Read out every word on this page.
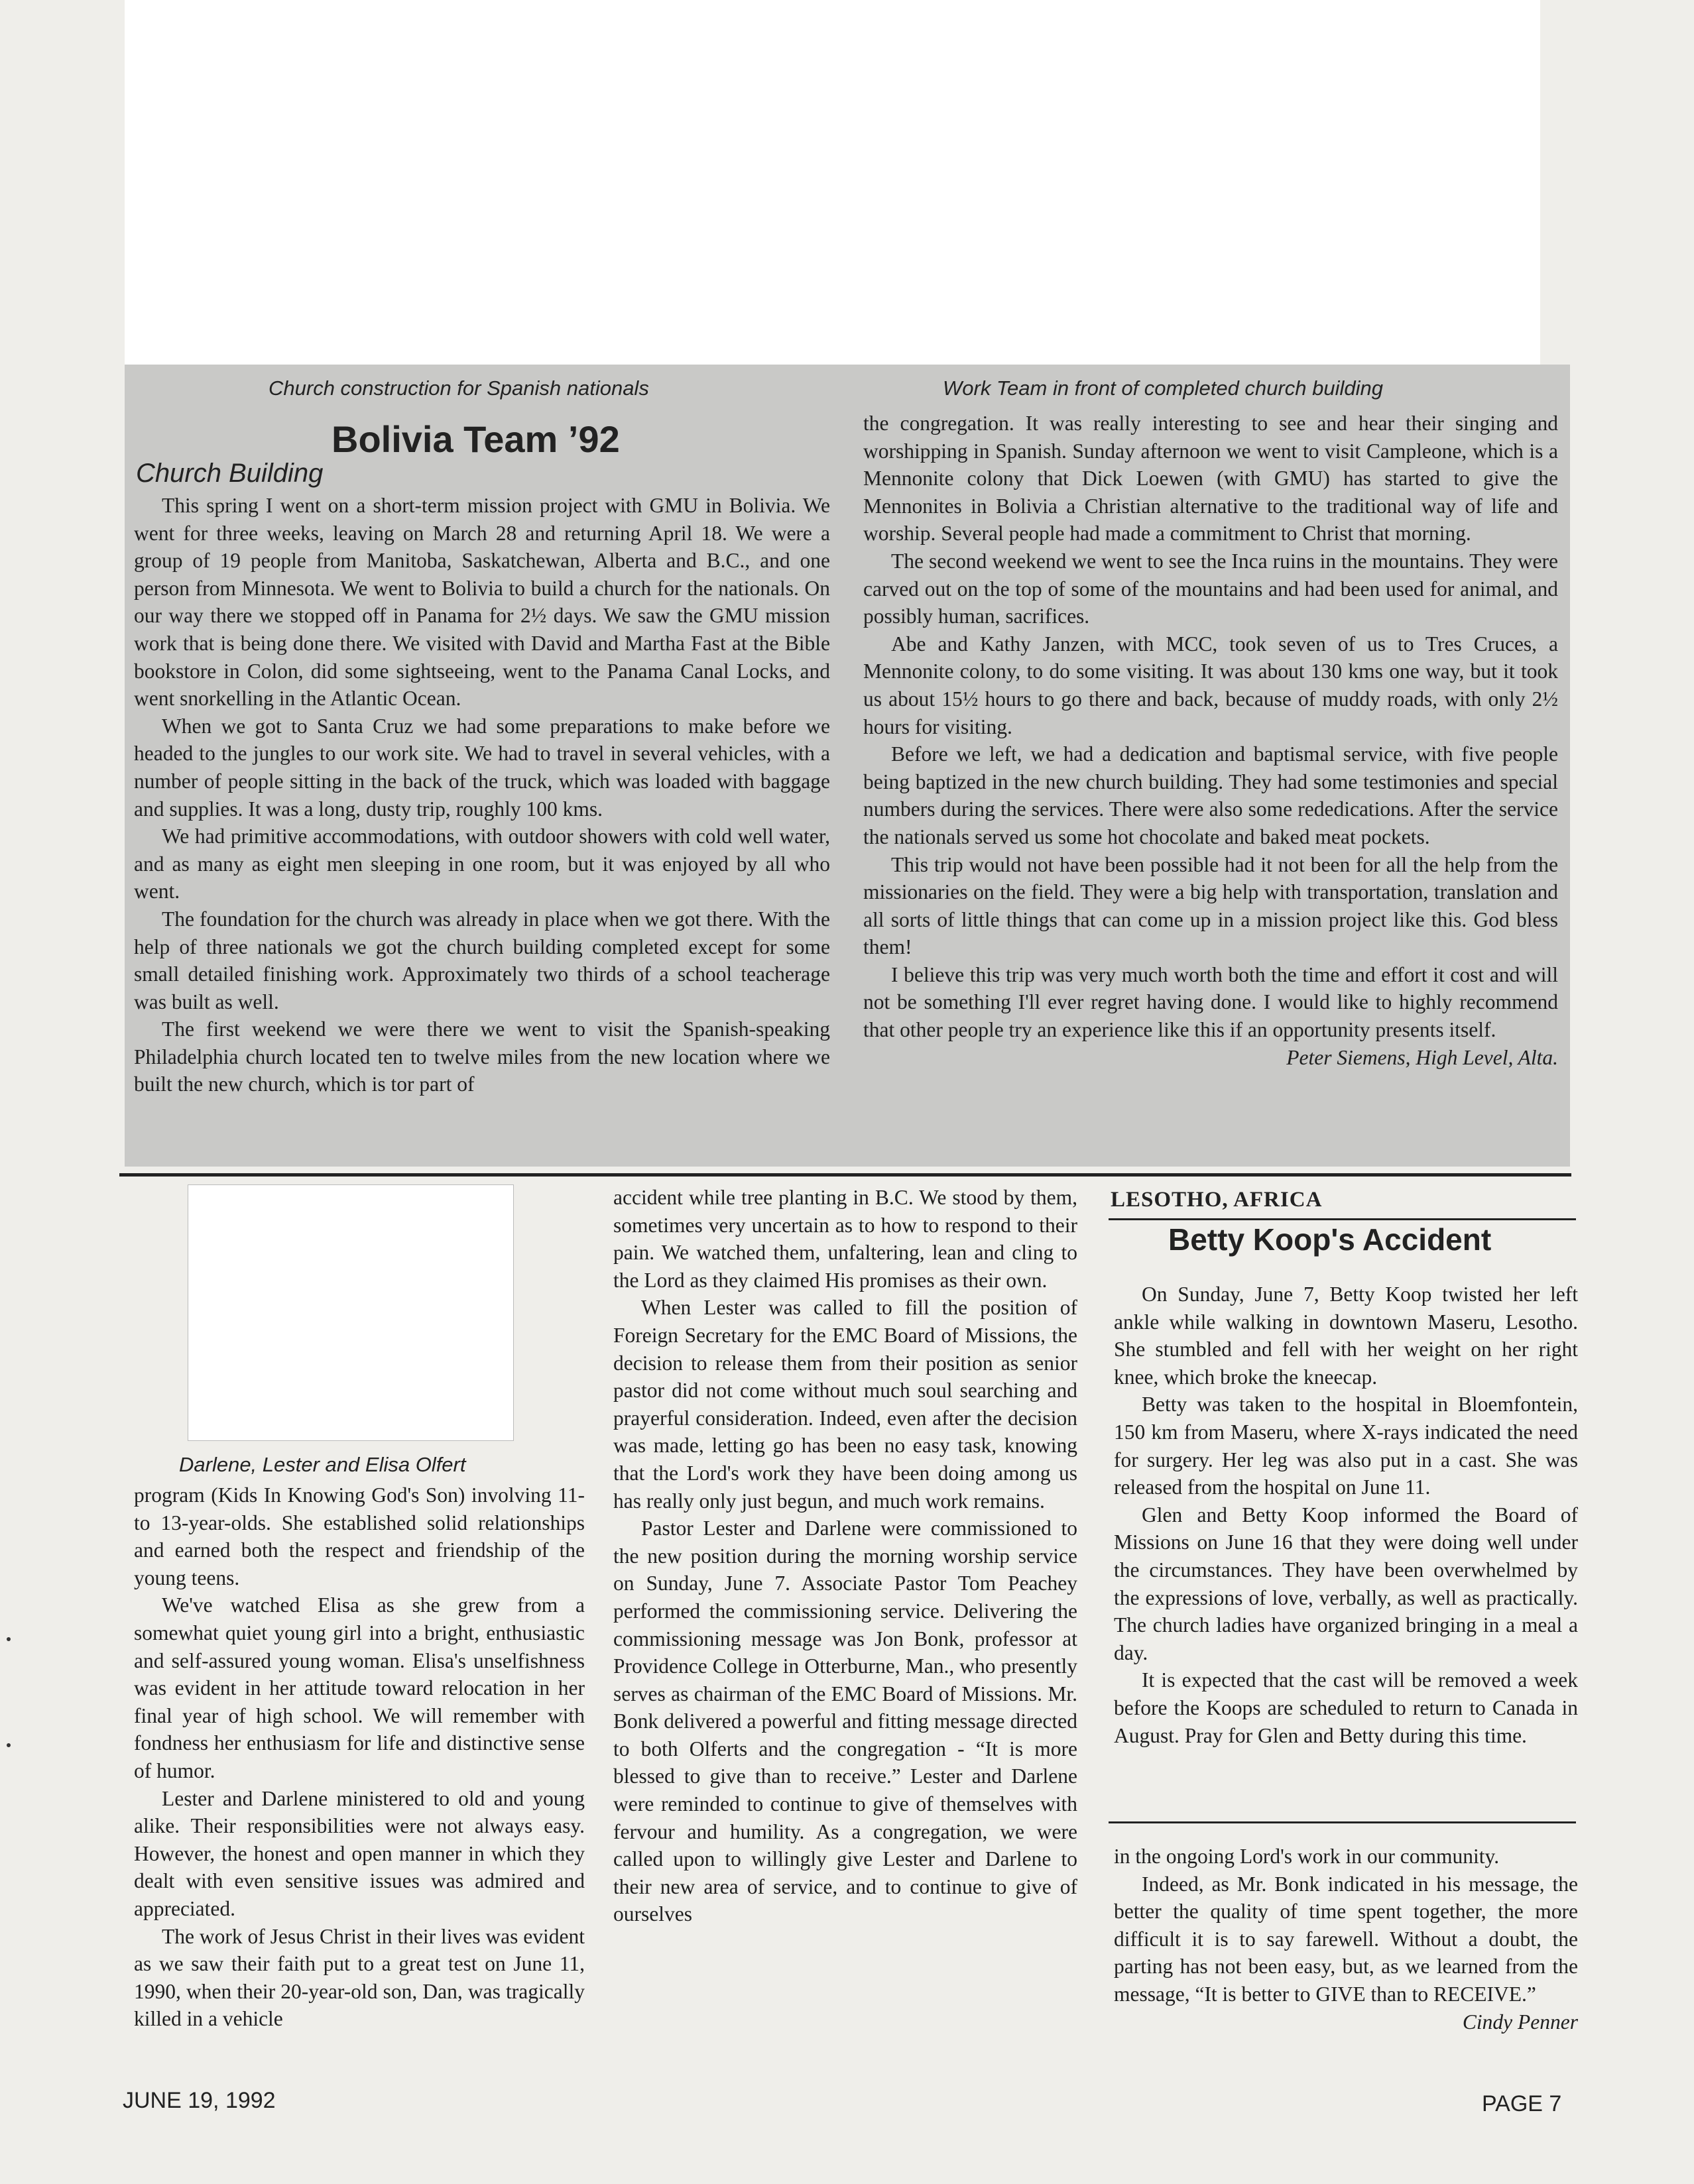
Church construction for Spanish nationals	Work Team in front of completed church building
Bolivia Team ’92
Church Building

This spring I went on a short-term mission project with GMU in Bolivia. We went for three weeks, leaving on March 28 and returning April 18. We were a group of 19 people from Manitoba, Saskatchewan, Alberta and B.C., and one person from Minnesota. We went to Bolivia to build a church for the nationals. On our way there we stopped off in Panama for 2½ days. We saw the GMU mission work that is being done there. We visited with David and Martha Fast at the Bible bookstore in Colon, did some sightseeing, went to the Panama Canal Locks, and went snorkelling in the Atlantic Ocean.

When we got to Santa Cruz we had some preparations to make before we headed to the jungles to our work site. We had to travel in several vehicles, with a number of people sitting in the back of the truck, which was loaded with baggage and supplies. It was a long, dusty trip, roughly 100 kms.

We had primitive accommodations, with outdoor showers with cold well water, and as many as eight men sleeping in one room, but it was enjoyed by all who went.

The foundation for the church was already in place when we got there. With the help of three nationals we got the church building completed except for some small detailed finishing work. Approximately two thirds of a school teacherage was built as well.

The first weekend we were there we went to visit the Spanish-speaking Philadelphia church located ten to twelve miles from the new location where we built the new church, which is tor part of

the congregation. It was really interesting to see and hear their singing and worshipping in Spanish. Sunday afternoon we went to visit Campleone, which is a Mennonite colony that Dick Loewen (with GMU) has started to give the Mennonites in Bolivia a Christian alternative to the traditional way of life and worship. Several people had made a commitment to Christ that morning.

The second weekend we went to see the Inca ruins in the mountains. They were carved out on the top of some of the mountains and had been used for animal, and possibly human, sacrifices.

Abe and Kathy Janzen, with MCC, took seven of us to Tres Cruces, a Mennonite colony, to do some visiting. It was about 130 kms one way, but it took us about 15½ hours to go there and back, because of muddy roads, with only 2½ hours for visiting.

Before we left, we had a dedication and baptismal service, with five people being baptized in the new church building. They had some testimonies and special numbers during the services. There were also some rededications. After the service the nationals served us some hot chocolate and baked meat pockets.

This trip would not have been possible had it not been for all the help from the missionaries on the field. They were a big help with transportation, translation and all sorts of little things that can come up in a mission project like this. God bless them!

I believe this trip was very much worth both the time and effort it cost and will not be something I'll ever regret having done. I would like to highly recommend that other people try an experience like this if an opportunity presents itself.

Peter Siemens, High Level, Alta.

Darlene, Lester and Elisa Olfert

program (Kids In Knowing God's Son) involving 11- to 13-year-olds. She established solid relationships and earned both the respect and friendship of the young teens.

We've watched Elisa as she grew from a somewhat quiet young girl into a bright, enthusiastic and self-assured young woman. Elisa's unselfishness was evident in her attitude toward relocation in her final year of high school. We will remember with fondness her enthusiasm for life and distinctive sense of humor.

Lester and Darlene ministered to old and young alike. Their responsibilities were not always easy. However, the honest and open manner in which they dealt with even sensitive issues was admired and appreciated.

The work of Jesus Christ in their lives was evident as we saw their faith put to a great test on June 11, 1990, when their 20-year-old son, Dan, was tragically killed in a vehicle

accident while tree planting in B.C. We stood by them, sometimes very uncertain as to how to respond to their pain. We watched them, unfaltering, lean and cling to the Lord as they claimed His promises as their own.

When Lester was called to fill the position of Foreign Secretary for the EMC Board of Missions, the decision to release them from their position as senior pastor did not come without much soul searching and prayerful consideration. Indeed, even after the decision was made, letting go has been no easy task, knowing that the Lord's work they have been doing among us has really only just begun, and much work remains.

Pastor Lester and Darlene were commissioned to the new position during the morning worship service on Sunday, June 7. Associate Pastor Tom Peachey performed the commissioning service. Delivering the commissioning message was Jon Bonk, professor at Providence College in Otterburne, Man., who presently serves as chairman of the EMC Board of Missions. Mr. Bonk delivered a powerful and fitting message directed to both Olferts and the congregation - “It is more blessed to give than to receive.” Lester and Darlene were reminded to continue to give of themselves with fervour and humility. As a congregation, we were called upon to willingly give Lester and Darlene to their new area of service, and to continue to give of ourselves

in the ongoing Lord's work in our community.

Indeed, as Mr. Bonk indicated in his message, the better the quality of time spent together, the more difficult it is to say farewell. Without a doubt, the parting has not been easy, but, as we learned from the message, “It is better to GIVE than to RECEIVE.”

Cindy Penner

LESOTHO, AFRICA
Betty Koop's Accident

On Sunday, June 7, Betty Koop twisted her left ankle while walking in downtown Maseru, Lesotho. She stumbled and fell with her weight on her right knee, which broke the kneecap.

Betty was taken to the hospital in Bloemfontein, 150 km from Maseru, where X-rays indicated the need for surgery. Her leg was also put in a cast. She was released from the hospital on June 11.

Glen and Betty Koop informed the Board of Missions on June 16 that they were doing well under the circumstances. They have been overwhelmed by the expressions of love, verbally, as well as practically. The church ladies have organized bringing in a meal a day.

It is expected that the cast will be removed a week before the Koops are scheduled to return to Canada in August. Pray for Glen and Betty during this time.

JUNE 19, 1992	PAGE 7
